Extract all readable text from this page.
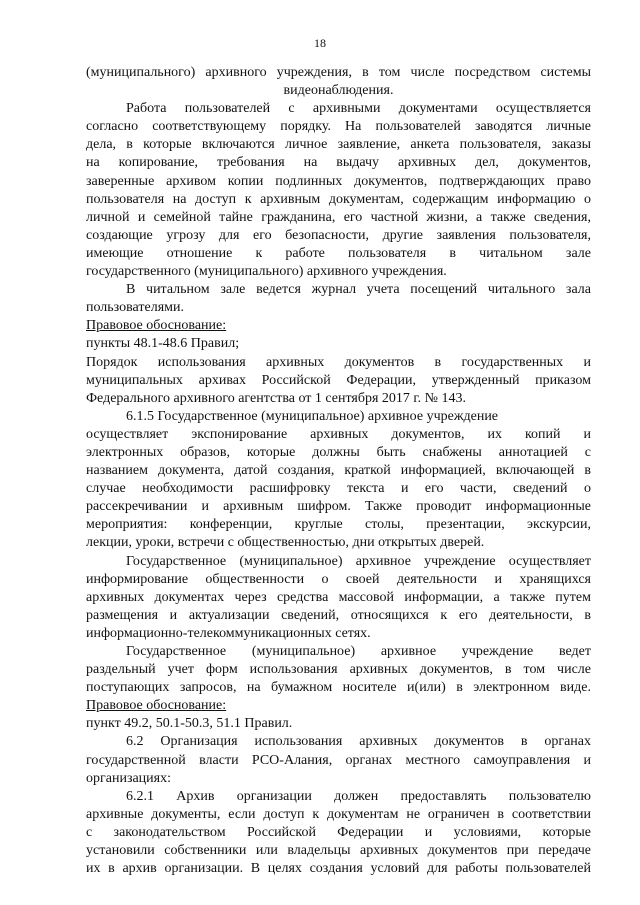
18
(муниципального) архивного учреждения, в том числе посредством системы
видеонаблюдения.
Работа пользователей с архивными документами осуществляется
согласно соответствующему порядку. На пользователей заводятся личные
дела, в которые включаются личное заявление, анкета пользователя, заказы
на копирование, требования на выдачу архивных дел, документов,
заверенные архивом копии подлинных документов, подтверждающих право
пользователя на доступ к архивным документам, содержащим информацию о
личной и семейной тайне гражданина, его частной жизни, а также сведения,
создающие угрозу для его безопасности, другие заявления пользователя,
имеющие отношение к работе пользователя в читальном зале
государственного (муниципального) архивного учреждения.
В читальном зале ведется журнал учета посещений читального зала
пользователями.
Правовое обоснование:
пункты 48.1-48.6 Правил;
Порядок использования архивных документов в государственных и
муниципальных архивах Российской Федерации, утвержденный приказом
Федерального архивного агентства от 1 сентября 2017 г. № 143.
6.1.5 Государственное (муниципальное) архивное учреждение
осуществляет экспонирование архивных документов, их копий и
электронных образов, которые должны быть снабжены аннотацией с
названием документа, датой создания, краткой информацией, включающей в
случае необходимости расшифровку текста и его части, сведений о
рассекречивании и архивным шифром. Также проводит информационные
мероприятия: конференции, круглые столы, презентации, экскурсии,
лекции, уроки, встречи с общественностью, дни открытых дверей.
Государственное (муниципальное) архивное учреждение осуществляет
информирование общественности о своей деятельности и хранящихся
архивных документах через средства массовой информации, а также путем
размещения и актуализации сведений, относящихся к его деятельности, в
информационно-телекоммуникационных сетях.
Государственное (муниципальное) архивное учреждение ведет
раздельный учет форм использования архивных документов, в том числе
поступающих запросов, на бумажном носителе и(или) в электронном виде.
Правовое обоснование:
пункт 49.2, 50.1-50.3, 51.1 Правил.
6.2 Организация использования архивных документов в органах
государственной власти РСО-Алания, органах местного самоуправления и
организациях:
6.2.1 Архив организации должен предоставлять пользователю
архивные документы, если доступ к документам не ограничен в соответствии
с законодательством Российской Федерации и условиями, которые
установили собственники или владельцы архивных документов при передаче
их в архив организации. В целях создания условий для работы пользователей
